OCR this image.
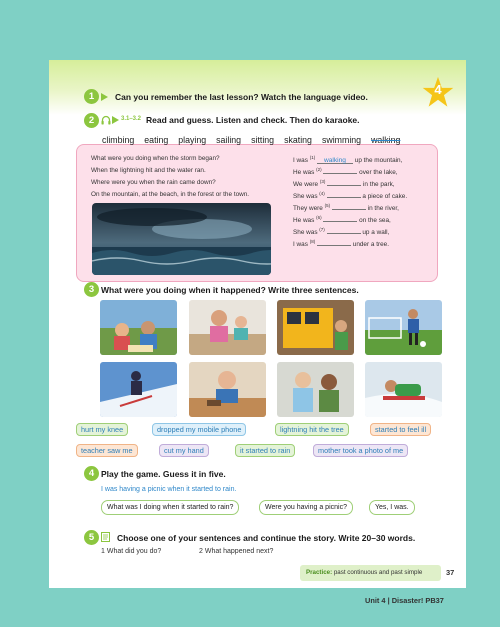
4
1	Can you remember the last lesson? Watch the language video.
2	3.1–3.2 Read and guess. Listen and check. Then do karaoke.
climbing eating playing sailing sitting skating swimming walking
What were you doing when the storm began?
When the lightning hit and the water ran.
Where were you when the rain came down?
On the mountain, at the beach, in the forest or the town.
I was $^{(1)}$ walking up the mountain,
He was $^{(2)}$	over the lake,
We were $^{(3)}$	in the park,
She was $^{(4)}$	a piece of cake.
They were $^{(5)}$	in the river,
He was $^{(6)}$	on the sea,
She was $^{(7)}$	up a wall,
I was $^{(8)}$	under a tree.
3 What were you doing when it happened? Write three sentences.
hurt my knee	dropped my mobile phone	lightning hit the tree	started to feel ill
teacher saw me	cut my hand	it started to rain	mother took a photo of me
4 Play the game. Guess it in five.
I was having a picnic when it started to rain.
What was I doing when it started to rain?	Were you having a picnic?	Yes, I was.
5	Choose one of your sentences and continue the story. Write 20–30 words.
1 What did you do?	2 What happened next?
Practice: past continuous and past simple	37
Unit 4 | Disaster! PB37
